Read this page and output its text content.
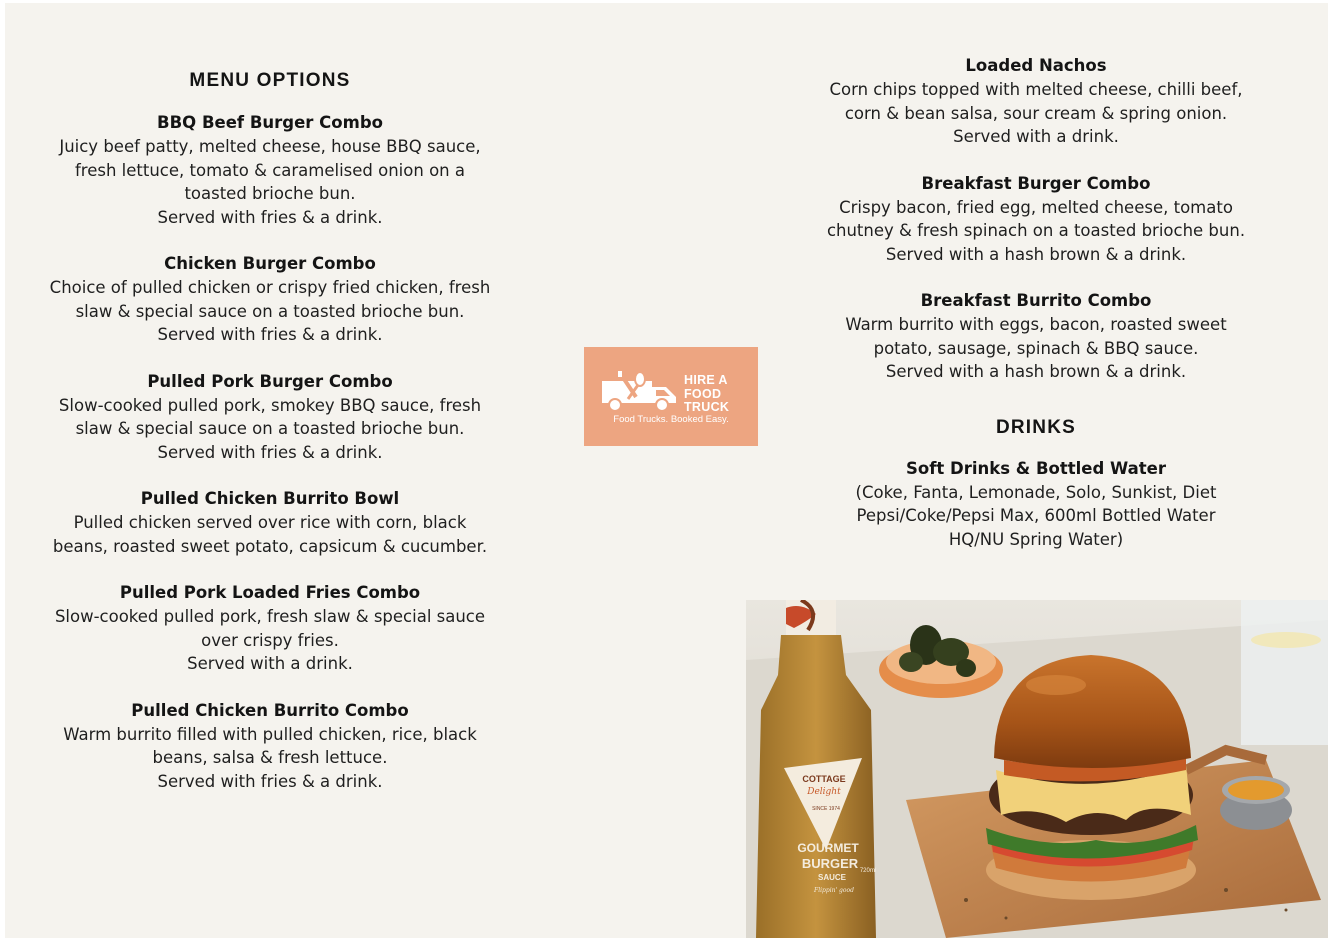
MENU OPTIONS
BBQ Beef Burger Combo
Juicy beef patty, melted cheese, house BBQ sauce, fresh lettuce, tomato & caramelised onion on a toasted brioche bun.
Served with fries & a drink.
Chicken Burger Combo
Choice of pulled chicken or crispy fried chicken, fresh slaw & special sauce on a toasted brioche bun.
Served with fries & a drink.
Pulled Pork Burger Combo
Slow-cooked pulled pork, smokey BBQ sauce, fresh slaw & special sauce on a toasted brioche bun.
Served with fries & a drink.
Pulled Chicken Burrito Bowl
Pulled chicken served over rice with corn, black beans, roasted sweet potato, capsicum & cucumber.
Pulled Pork Loaded Fries Combo
Slow-cooked pulled pork, fresh slaw & special sauce over crispy fries.
Served with a drink.
Pulled Chicken Burrito Combo
Warm burrito filled with pulled chicken, rice, black beans, salsa & fresh lettuce.
Served with fries & a drink.
Loaded Nachos
Corn chips topped with melted cheese, chilli beef, corn & bean salsa, sour cream & spring onion.
Served with a drink.
Breakfast Burger Combo
Crispy bacon, fried egg, melted cheese, tomato chutney & fresh spinach on a toasted brioche bun.
Served with a hash brown & a drink.
Breakfast Burrito Combo
Warm burrito with eggs, bacon, roasted sweet potato, sausage, spinach & BBQ sauce.
Served with a hash brown & a drink.
DRINKS
Soft Drinks & Bottled Water
(Coke, Fanta, Lemonade, Solo, Sunkist, Diet Pepsi/Coke/Pepsi Max, 600ml Bottled Water HQ/NU Spring Water)
HIRE A
FOOD
TRUCK
Food Trucks. Booked Easy.
COTTAGE
Delight
SINCE 1974
GOURMET
BURGER
SAUCE
Flippin' good
720ml
